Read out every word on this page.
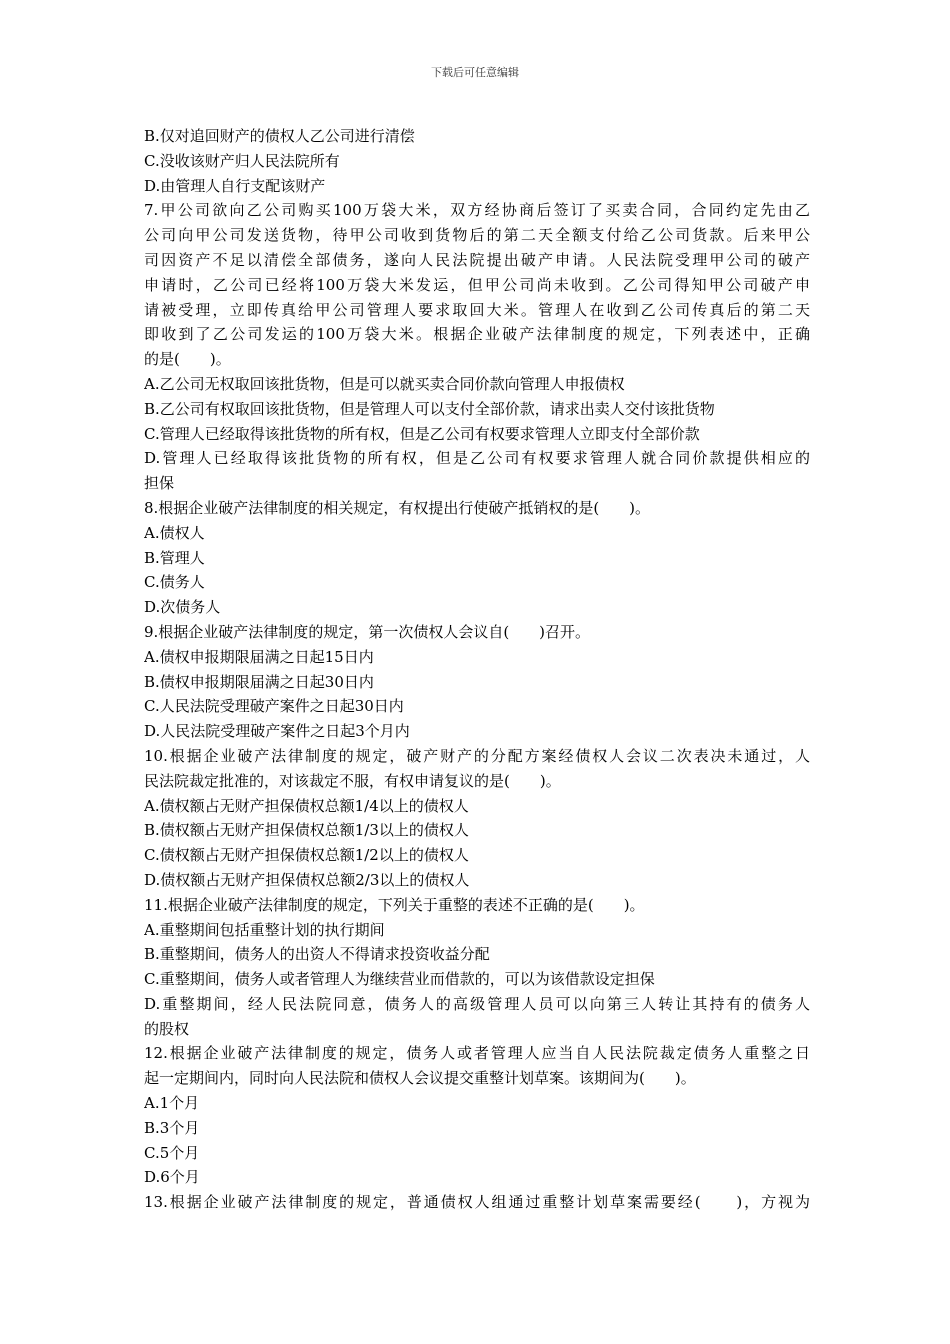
下载后可任意编辑
B.仅对追回财产的债权人乙公司进行清偿
C.没收该财产归人民法院所有
D.由管理人自行支配该财产
7.甲公司欲向乙公司购买100万袋大米，双方经协商后签订了买卖合同，合同约定先由乙
公司向甲公司发送货物，待甲公司收到货物后的第二天全额支付给乙公司货款。后来甲公
司因资产不足以清偿全部债务，遂向人民法院提出破产申请。人民法院受理甲公司的破产
申请时，乙公司已经将100万袋大米发运，但甲公司尚未收到。乙公司得知甲公司破产申
请被受理，立即传真给甲公司管理人要求取回大米。管理人在收到乙公司传真后的第二天
即收到了乙公司发运的100万袋大米。根据企业破产法律制度的规定，下列表述中，正确
的是(　　)。
A.乙公司无权取回该批货物，但是可以就买卖合同价款向管理人申报债权
B.乙公司有权取回该批货物，但是管理人可以支付全部价款，请求出卖人交付该批货物
C.管理人已经取得该批货物的所有权，但是乙公司有权要求管理人立即支付全部价款
D.管理人已经取得该批货物的所有权，但是乙公司有权要求管理人就合同价款提供相应的
担保
8.根据企业破产法律制度的相关规定，有权提出行使破产抵销权的是(　　)。
A.债权人
B.管理人
C.债务人
D.次债务人
9.根据企业破产法律制度的规定，第一次债权人会议自(　　)召开。
A.债权申报期限届满之日起15日内
B.债权申报期限届满之日起30日内
C.人民法院受理破产案件之日起30日内
D.人民法院受理破产案件之日起3个月内
10.根据企业破产法律制度的规定，破产财产的分配方案经债权人会议二次表决未通过，人
民法院裁定批准的，对该裁定不服，有权申请复议的是(　　)。
A.债权额占无财产担保债权总额1/4以上的债权人
B.债权额占无财产担保债权总额1/3以上的债权人
C.债权额占无财产担保债权总额1/2以上的债权人
D.债权额占无财产担保债权总额2/3以上的债权人
11.根据企业破产法律制度的规定，下列关于重整的表述不正确的是(　　)。
A.重整期间包括重整计划的执行期间
B.重整期间，债务人的出资人不得请求投资收益分配
C.重整期间，债务人或者管理人为继续营业而借款的，可以为该借款设定担保
D.重整期间，经人民法院同意，债务人的高级管理人员可以向第三人转让其持有的债务人
的股权
12.根据企业破产法律制度的规定，债务人或者管理人应当自人民法院裁定债务人重整之日
起一定期间内，同时向人民法院和债权人会议提交重整计划草案。该期间为(　　)。
A.1个月
B.3个月
C.5个月
D.6个月
13.根据企业破产法律制度的规定，普通债权人组通过重整计划草案需要经(　　)，方视为
